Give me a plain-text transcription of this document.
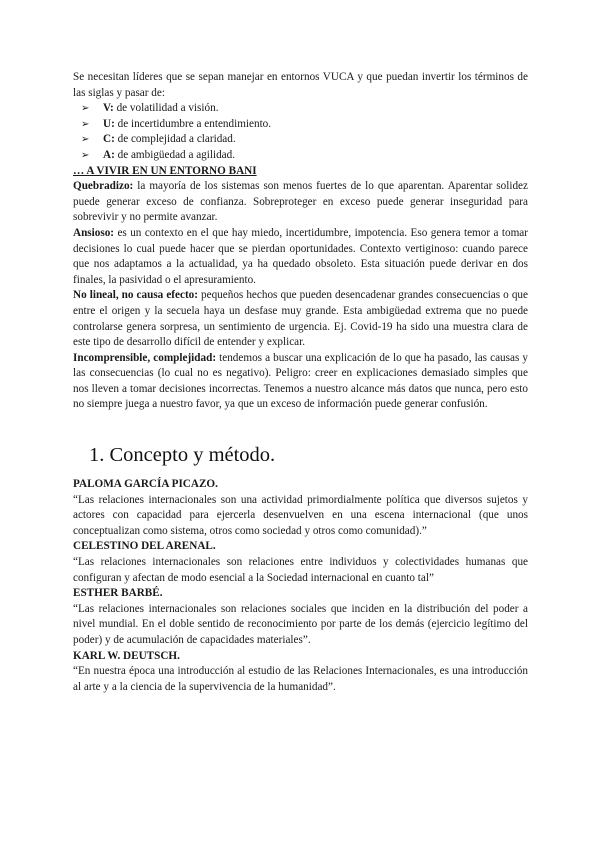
Se necesitan líderes que se sepan manejar en entornos VUCA y que puedan invertir los términos de las siglas y pasar de:

➢	V: de volatilidad a visión.
➢	U: de incertidumbre a entendimiento.
➢	C: de complejidad a claridad.
➢	A: de ambigüedad a agilidad.

… A VIVIR EN UN ENTORNO BANI

Quebradizo: la mayoría de los sistemas son menos fuertes de lo que aparentan. Aparentar solidez puede generar exceso de confianza. Sobreproteger en exceso puede generar inseguridad para sobrevivir y no permite avanzar.

Ansioso: es un contexto en el que hay miedo, incertidumbre, impotencia. Eso genera temor a tomar decisiones lo cual puede hacer que se pierdan oportunidades. Contexto vertiginoso: cuando parece que nos adaptamos a la actualidad, ya ha quedado obsoleto. Esta situación puede derivar en dos finales, la pasividad o el apresuramiento.

No lineal, no causa efecto: pequeños hechos que pueden desencadenar grandes consecuencias o que entre el origen y la secuela haya un desfase muy grande. Esta ambigüedad extrema que no puede controlarse genera sorpresa, un sentimiento de urgencia. Ej. Covid-19 ha sido una muestra clara de este tipo de desarrollo difícil de entender y explicar.

Incomprensible, complejidad: tendemos a buscar una explicación de lo que ha pasado, las causas y las consecuencias (lo cual no es negativo). Peligro: creer en explicaciones demasiado simples que nos lleven a tomar decisiones incorrectas. Tenemos a nuestro alcance más datos que nunca, pero esto no siempre juega a nuestro favor, ya que un exceso de información puede generar confusión.

1. Concepto y método.

PALOMA GARCÍA PICAZO.

“Las relaciones internacionales son una actividad primordialmente política que diversos sujetos y actores con capacidad para ejercerla desenvuelven en una escena internacional (que unos conceptualizan como sistema, otros como sociedad y otros como comunidad).”

CELESTINO DEL ARENAL.

“Las relaciones internacionales son relaciones entre individuos y colectividades humanas que configuran y afectan de modo esencial a la Sociedad internacional en cuanto tal”

ESTHER BARBÉ.

“Las relaciones internacionales son relaciones sociales que inciden en la distribución del poder a nivel mundial. En el doble sentido de reconocimiento por parte de los demás (ejercicio legítimo del poder) y de acumulación de capacidades materiales”.

KARL W. DEUTSCH.

“En nuestra época una introducción al estudio de las Relaciones Internacionales, es una introducción al arte y a la ciencia de la supervivencia de la humanidad”.
